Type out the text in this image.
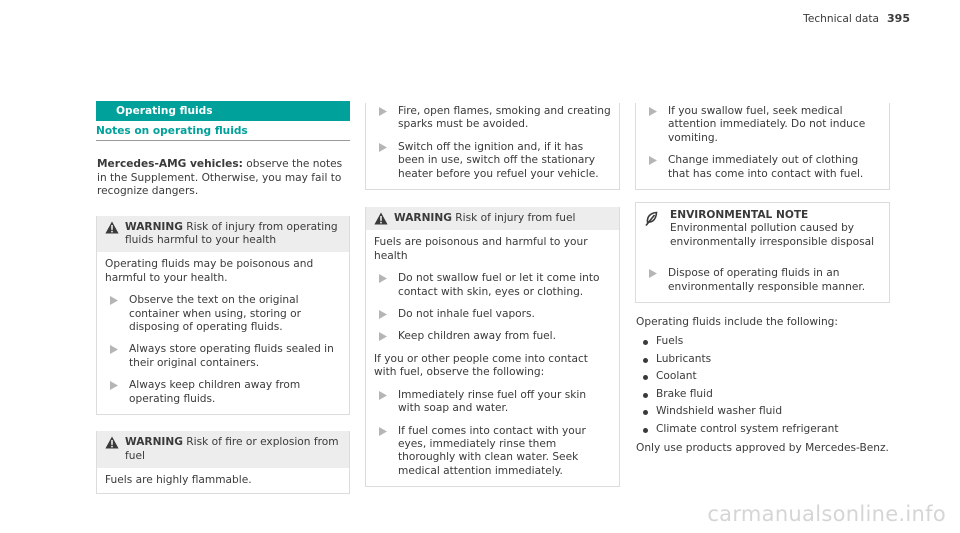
Technical data 395
Operating fluids
Notes on operating fluids

Mercedes-AMG vehicles: observe the notes in the Supplement. Otherwise, you may fail to recognize dangers.

WARNING Risk of injury from operating fluids harmful to your health

Operating fluids may be poisonous and harmful to your health.

Observe the text on the original container when using, storing or disposing of operating fluids.
Always store operating fluids sealed in their original containers.
Always keep children away from operating fluids.
WARNING Risk of fire or explosion from fuel

Fuels are highly flammable.

Fire, open flames, smoking and creating sparks must be avoided.
Switch off the ignition and, if it has been in use, switch off the stationary heater before you refuel your vehicle.
WARNING Risk of injury from fuel

Fuels are poisonous and harmful to your health

Do not swallow fuel or let it come into contact with skin, eyes or clothing.
Do not inhale fuel vapors.
Keep children away from fuel.

If you or other people come into contact with fuel, observe the following:

Immediately rinse fuel off your skin with soap and water.
If fuel comes into contact with your eyes, immediately rinse them thoroughly with clean water. Seek medical attention immediately.
If you swallow fuel, seek medical attention immediately. Do not induce vomiting.
Change immediately out of clothing that has come into contact with fuel.
ENVIRONMENTAL NOTE Environmental pollution caused by environmentally irresponsible disposal
Dispose of operating fluids in an environmentally responsible manner.

Operating fluids include the following:

Fuels
Lubricants
Coolant
Brake fluid
Windshield washer fluid
Climate control system refrigerant

Only use products approved by Mercedes-Benz.

carmanualsonline.info
